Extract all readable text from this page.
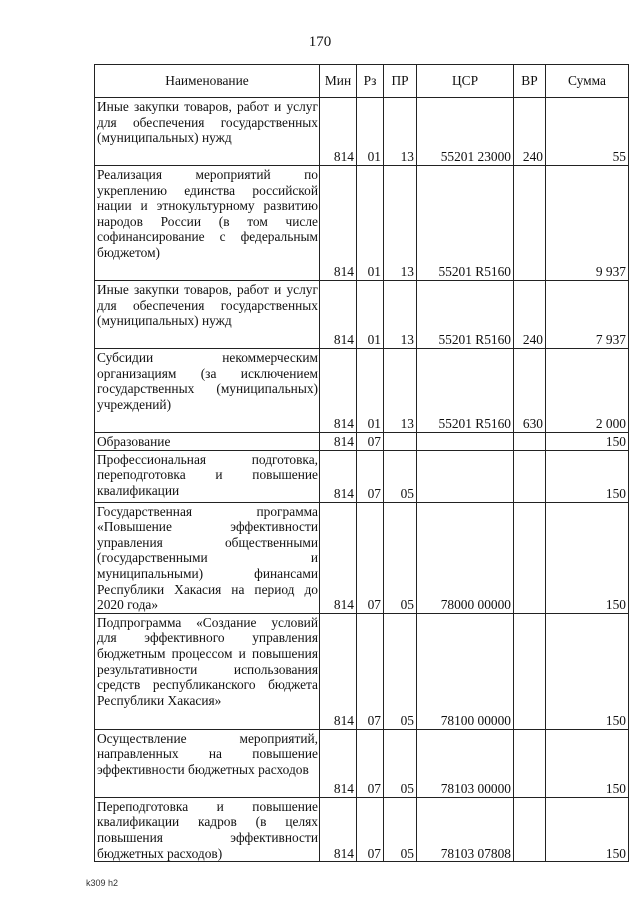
170
Наименование	Мин	Рз	ПР	ЦСР	ВР	Сумма
Иные закупки товаров, работ и услуг для обеспечения государственных (муниципальных) нужд	814	01	13	55201 23000	240	55
Реализация мероприятий по укреплению единства российской нации и этнокультурному развитию народов России (в том числе софинансирование с федеральным бюджетом)	814	01	13	55201 R5160		9 937
Иные закупки товаров, работ и услуг для обеспечения государственных (муниципальных) нужд	814	01	13	55201 R5160	240	7 937
Субсидии некоммерческим организациям (за исключением государственных (муниципальных) учреждений)	814	01	13	55201 R5160	630	2 000
Образование	814	07				150
Профессиональная подготовка, переподготовка и повышение квалификации	814	07	05			150
Государственная программа «Повышение эффективности управления общественными (государственными и муниципальными) финансами Республики Хакасия на период до 2020 года»	814	07	05	78000 00000		150
Подпрограмма «Создание условий для эффективного управления бюджетным процессом и повышения результативности использования средств республиканского бюджета Республики Хакасия»	814	07	05	78100 00000		150
Осуществление мероприятий, направленных на повышение эффективности бюджетных расходов	814	07	05	78103 00000		150
Переподготовка и повышение квалификации кадров (в целях повышения эффективности бюджетных расходов)	814	07	05	78103 07808		150
k309 h2
